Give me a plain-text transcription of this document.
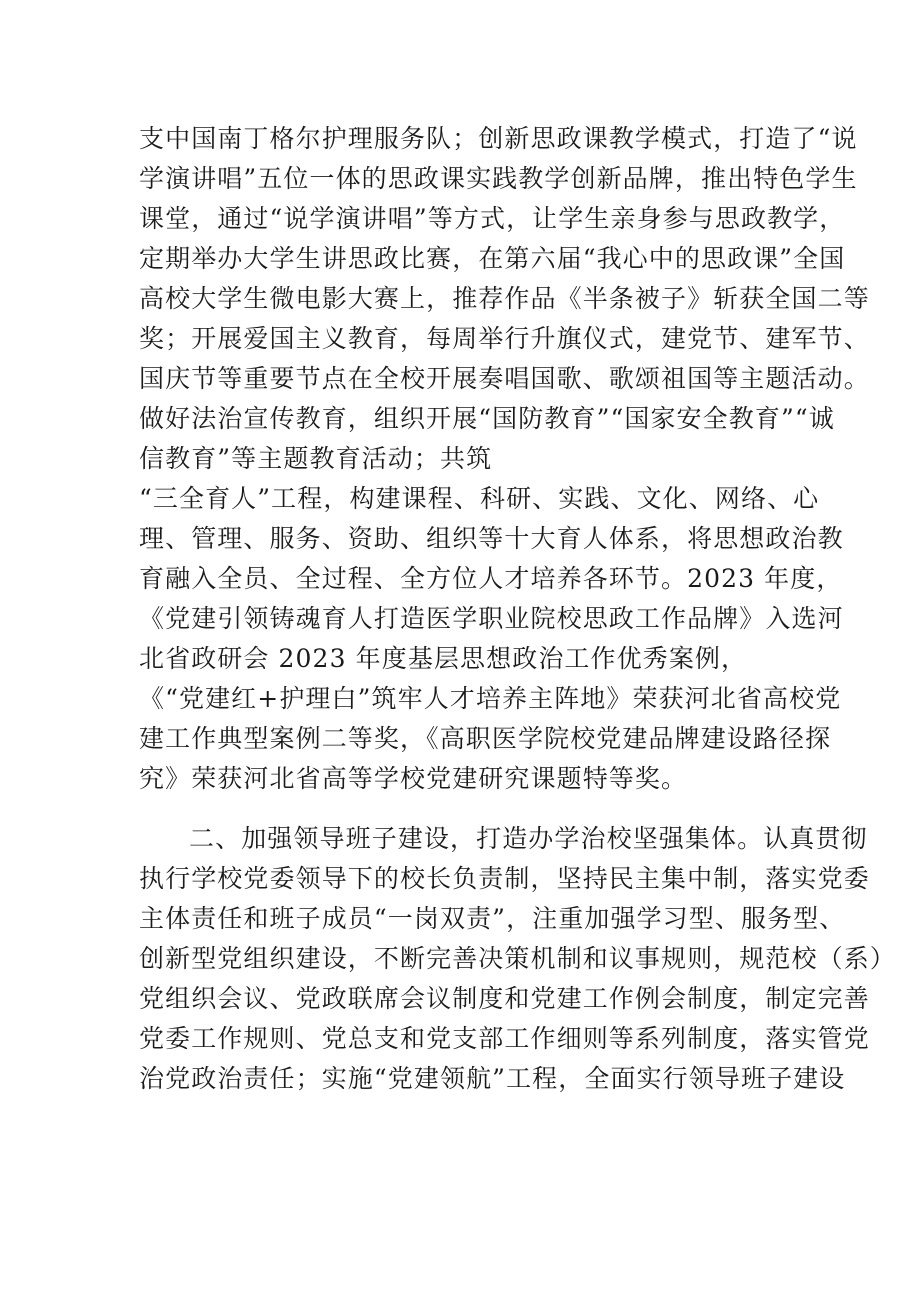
支中国南丁格尔护理服务队；创新思政课教学模式，打造了“说
学演讲唱”五位一体的思政课实践教学创新品牌，推出特色学生
课堂，通过“说学演讲唱”等方式，让学生亲身参与思政教学，
定期举办大学生讲思政比赛，在第六届“我心中的思政课”全国
高校大学生微电影大赛上，推荐作品《半条被子》斩获全国二等
奖；开展爱国主义教育，每周举行升旗仪式，建党节、建军节、
国庆节等重要节点在全校开展奏唱国歌、歌颂祖国等主题活动。
做好法治宣传教育，组织开展“国防教育”“国家安全教育”“诚
信教育”等主题教育活动；共筑
“三全育人”工程，构建课程、科研、实践、文化、网络、心
理、管理、服务、资助、组织等十大育人体系，将思想政治教
育融入全员、全过程、全方位人才培养各环节。2023 年度，
《党建引领铸魂育人打造医学职业院校思政工作品牌》入选河
北省政研会 2023 年度基层思想政治工作优秀案例，
《“党建红+护理白”筑牢人才培养主阵地》荣获河北省高校党
建工作典型案例二等奖，《高职医学院校党建品牌建设路径探
究》荣获河北省高等学校党建研究课题特等奖。
二、加强领导班子建设，打造办学治校坚强集体。认真贯彻
执行学校党委领导下的校长负责制，坚持民主集中制，落实党委
主体责任和班子成员“一岗双责”，注重加强学习型、服务型、
创新型党组织建设，不断完善决策机制和议事规则，规范校（系）
党组织会议、党政联席会议制度和党建工作例会制度，制定完善
党委工作规则、党总支和党支部工作细则等系列制度，落实管党
治党政治责任；实施“党建领航”工程，全面实行领导班子建设
